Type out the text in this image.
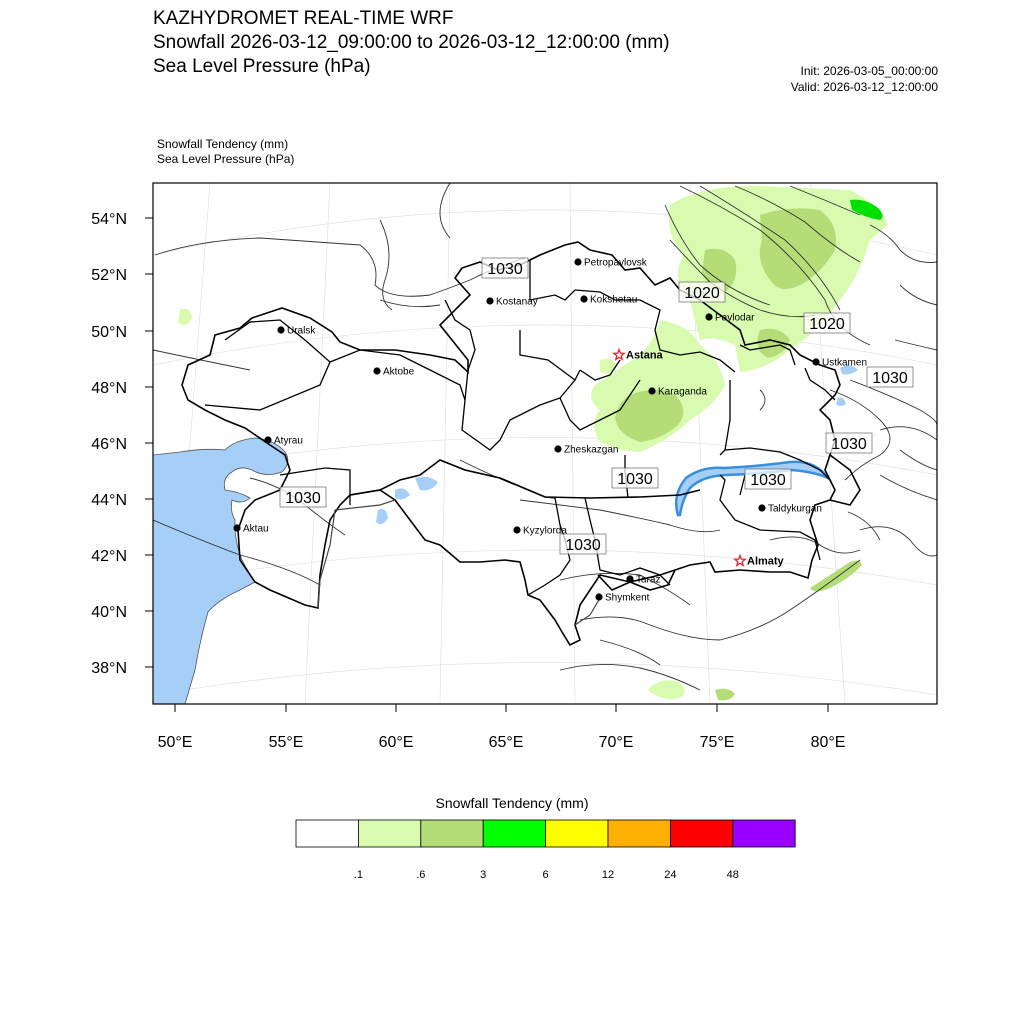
KAZHYDROMET REAL-TIME WRF
Snowfall 2026-03-12_09:00:00 to 2026-03-12_12:00:00 (mm)
Sea Level Pressure (hPa)	Init: 2026-03-05_00:00:00
Valid: 2026-03-12_12:00:00
Snowfall Tendency (mm)
Sea Level Pressure (hPa)
54°N
52°N
50°N
48°N
46°N
44°N
42°N
40°N
38°N
50°E	55°E	60°E	65°E	70°E	75°E	80°E
1030
1020
1020
1030
1030
1030	1030
1030
1030
Petropavlovsk
Kostanay	Kokshetau
Uralsk
Pavlodar
Astana
Ustkamen
Aktobe
Karaganda
Atyrau
Zheskazgan
Taldykurgan
Kyzylorda
Aktau
Almaty
Taraz
Shymkent
.1	.6	3	6	12	24	48
Snowfall Tendency (mm)
